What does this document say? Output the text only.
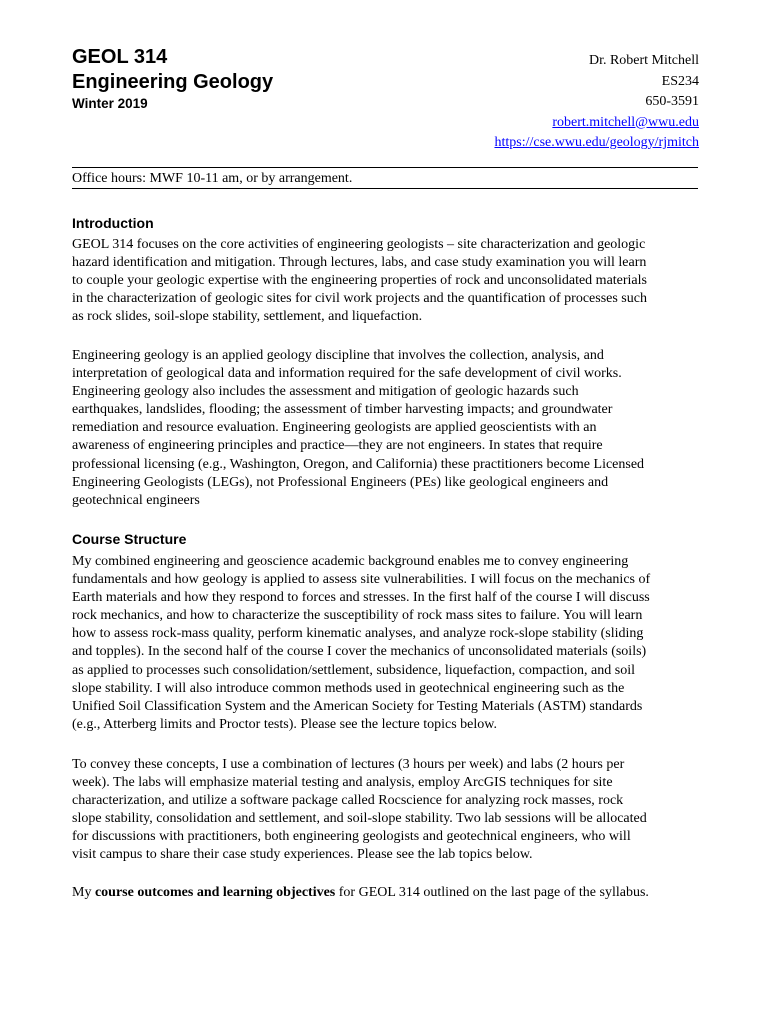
GEOL 314
Engineering Geology
Winter 2019
Dr. Robert Mitchell
ES234
650-3591
robert.mitchell@wwu.edu
https://cse.wwu.edu/geology/rjmitch
Office hours: MWF 10-11 am, or by arrangement.
Introduction
GEOL 314 focuses on the core activities of engineering geologists – site characterization and geologic
hazard identification and mitigation. Through lectures, labs, and case study examination you will learn
to couple your geologic expertise with the engineering properties of rock and unconsolidated materials
in the characterization of geologic sites for civil work projects and the quantification of processes such
as rock slides, soil-slope stability, settlement, and liquefaction.
Engineering geology is an applied geology discipline that involves the collection, analysis, and
interpretation of geological data and information required for the safe development of civil works.
Engineering geology also includes the assessment and mitigation of geologic hazards such
earthquakes, landslides, flooding; the assessment of timber harvesting impacts; and groundwater
remediation and resource evaluation. Engineering geologists are applied geoscientists with an
awareness of engineering principles and practice—they are not engineers. In states that require
professional licensing (e.g., Washington, Oregon, and California) these practitioners become Licensed
Engineering Geologists (LEGs), not Professional Engineers (PEs) like geological engineers and
geotechnical engineers
Course Structure
My combined engineering and geoscience academic background enables me to convey engineering
fundamentals and how geology is applied to assess site vulnerabilities. I will focus on the mechanics of
Earth materials and how they respond to forces and stresses. In the first half of the course I will discuss
rock mechanics, and how to characterize the susceptibility of rock mass sites to failure. You will learn
how to assess rock-mass quality, perform kinematic analyses, and analyze rock-slope stability (sliding
and topples). In the second half of the course I cover the mechanics of unconsolidated materials (soils)
as applied to processes such consolidation/settlement, subsidence, liquefaction, compaction, and soil
slope stability. I will also introduce common methods used in geotechnical engineering such as the
Unified Soil Classification System and the American Society for Testing Materials (ASTM) standards
(e.g., Atterberg limits and Proctor tests). Please see the lecture topics below.
To convey these concepts, I use a combination of lectures (3 hours per week) and labs (2 hours per
week). The labs will emphasize material testing and analysis, employ ArcGIS techniques for site
characterization, and utilize a software package called Rocscience for analyzing rock masses, rock
slope stability, consolidation and settlement, and soil-slope stability. Two lab sessions will be allocated
for discussions with practitioners, both engineering geologists and geotechnical engineers, who will
visit campus to share their case study experiences. Please see the lab topics below.
My course outcomes and learning objectives for GEOL 314 outlined on the last page of the syllabus.
